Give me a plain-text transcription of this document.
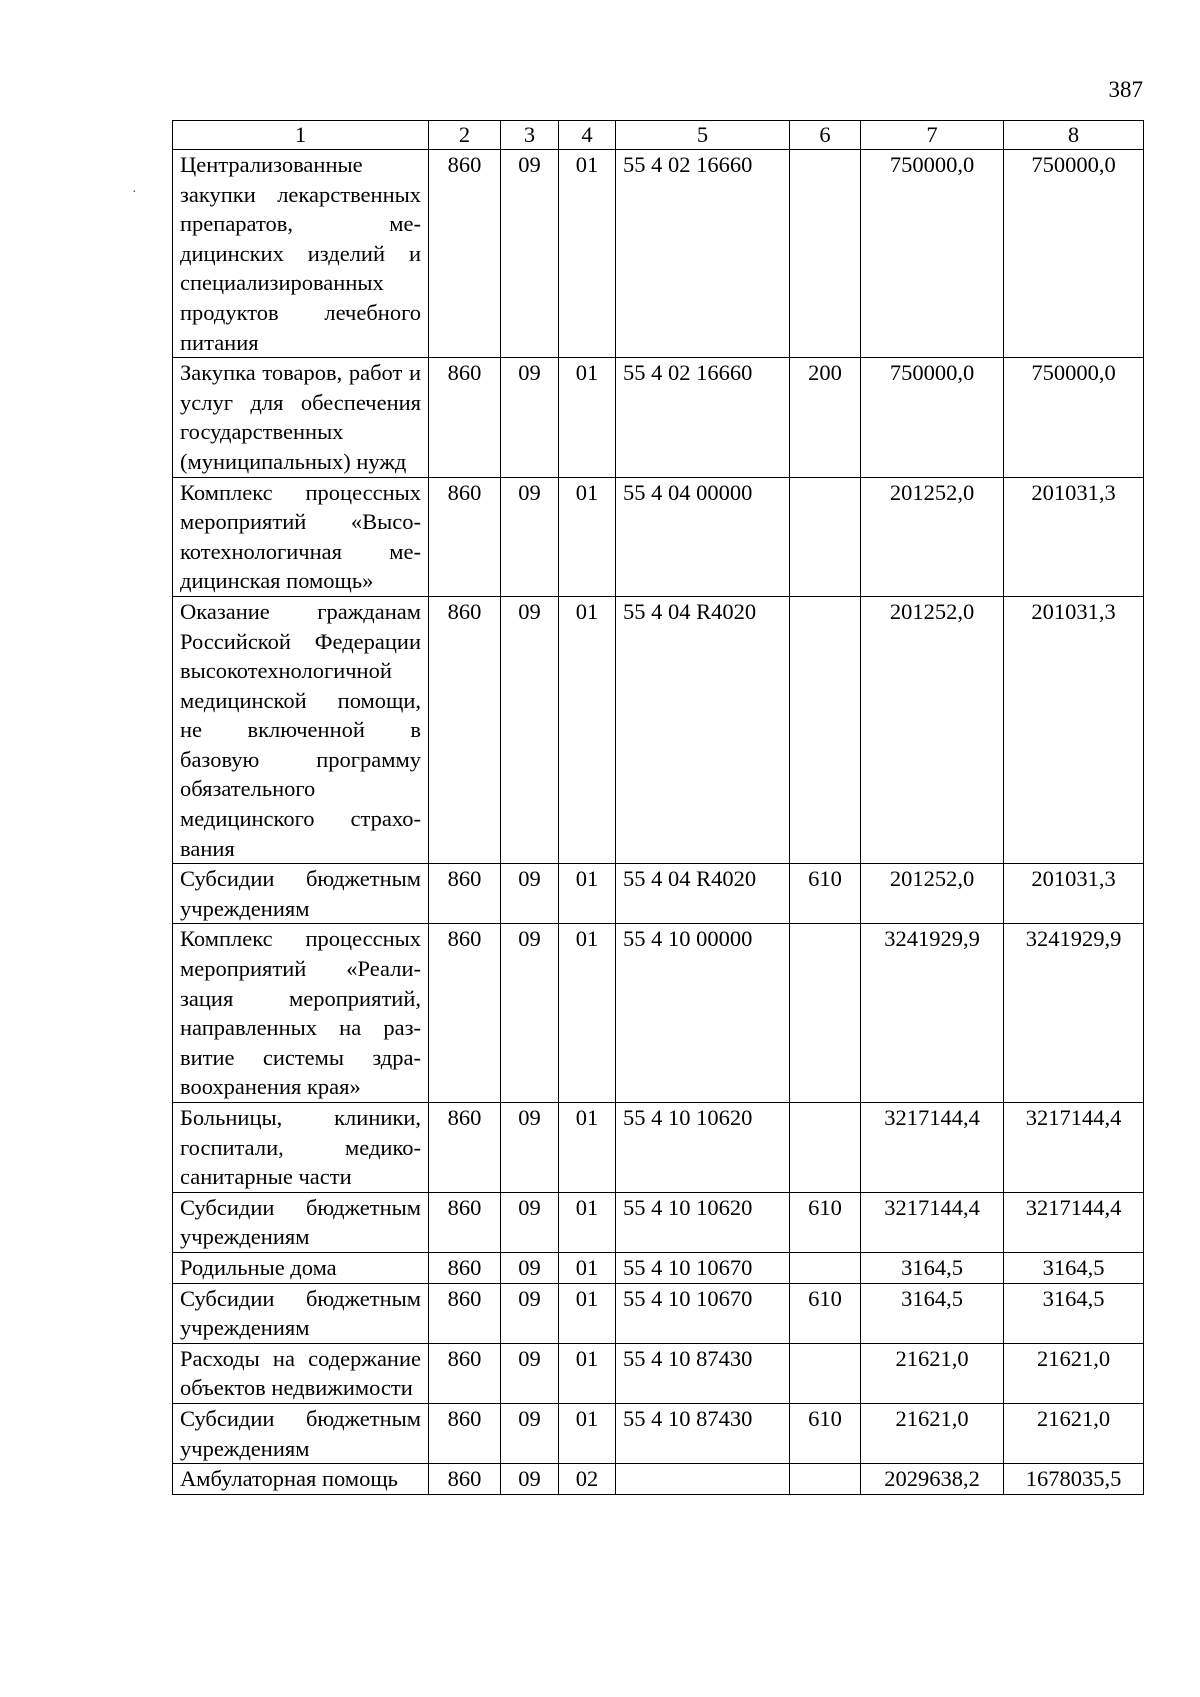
387
·
1	2	3	4	5	6	7	8
Централизованные закупки лекарственных препаратов, медицинских изделий и специализированных продуктов лечебного питания	860	09	01	55 4 02 16660		750000,0	750000,0
Закупка товаров, работ и услуг для обеспечения государственных (муниципальных) нужд	860	09	01	55 4 02 16660	200	750000,0	750000,0
Комплекс процессных мероприятий «Высокотехнологичная медицинская помощь»	860	09	01	55 4 04 00000		201252,0	201031,3
Оказание гражданам Российской Федерации высокотехнологичной медицинской помощи, не включенной в базовую программу обязательного медицинского страхования	860	09	01	55 4 04 R4020		201252,0	201031,3
Субсидии бюджетным учреждениям	860	09	01	55 4 04 R4020	610	201252,0	201031,3
Комплекс процессных мероприятий «Реализация мероприятий, направленных на развитие системы здравоохранения края»	860	09	01	55 4 10 00000		3241929,9	3241929,9
Больницы, клиники, госпитали, медико-санитарные части	860	09	01	55 4 10 10620		3217144,4	3217144,4
Субсидии бюджетным учреждениям	860	09	01	55 4 10 10620	610	3217144,4	3217144,4
Родильные дома	860	09	01	55 4 10 10670		3164,5	3164,5
Субсидии бюджетным учреждениям	860	09	01	55 4 10 10670	610	3164,5	3164,5
Расходы на содержание объектов недвижимости	860	09	01	55 4 10 87430		21621,0	21621,0
Субсидии бюджетным учреждениям	860	09	01	55 4 10 87430	610	21621,0	21621,0
Амбулаторная помощь	860	09	02			2029638,2	1678035,5
